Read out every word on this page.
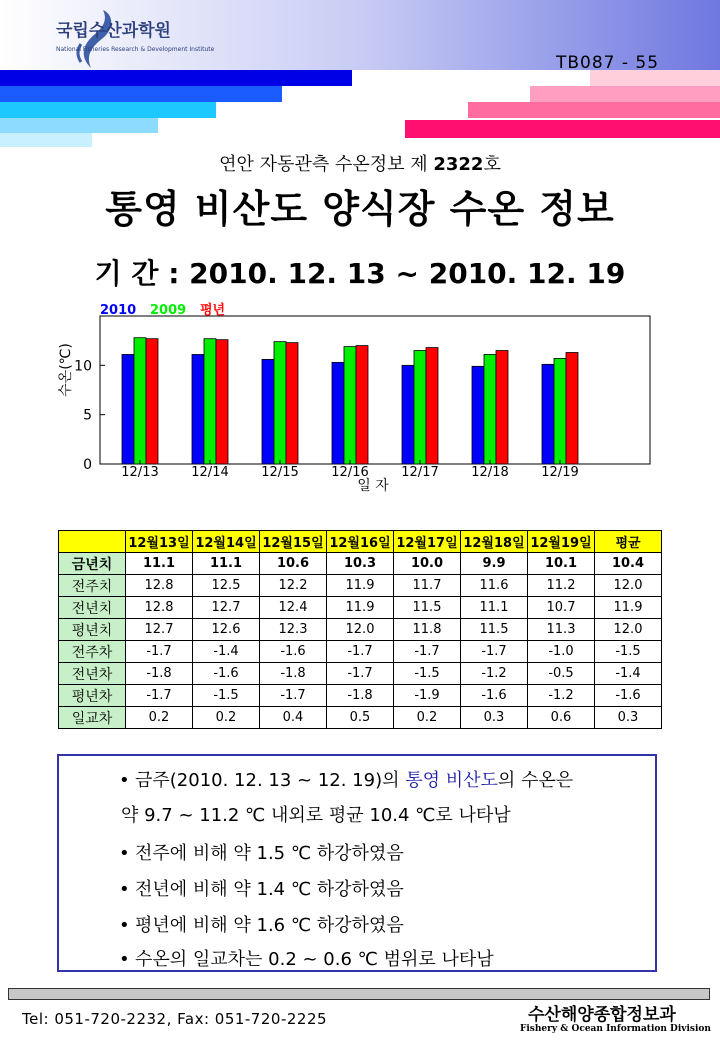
국립수산과학원
National Fisheries Research & Development Institute
TB087 - 55
연안 자동관측 수온정보 제 2322호
통영 비산도 양식장 수온 정보
기 간 : 2010. 12. 13 ~ 2010. 12. 19
12/13	12/14	12/15	12/16	12/17	12/18	12/19
0
5
10
일 자
수온(℃)
2010 2009 평년
	12월13일	12월14일	12월15일	12월16일	12월17일	12월18일	12월19일	평균
금년치	11.1	11.1	10.6	10.3	10.0	9.9	10.1	10.4
전주치	12.8	12.5	12.2	11.9	11.7	11.6	11.2	12.0
전년치	12.8	12.7	12.4	11.9	11.5	11.1	10.7	11.9
평년치	12.7	12.6	12.3	12.0	11.8	11.5	11.3	12.0
전주차	-1.7	-1.4	-1.6	-1.7	-1.7	-1.7	-1.0	-1.5
전년차	-1.8	-1.6	-1.8	-1.7	-1.5	-1.2	-0.5	-1.4
평년차	-1.7	-1.5	-1.7	-1.8	-1.9	-1.6	-1.2	-1.6
일교차	0.2	0.2	0.4	0.5	0.2	0.3	0.6	0.3
• 금주(2010. 12. 13 ~ 12. 19)의 통영 비산도의 수온은
약 9.7 ~ 11.2 ℃ 내외로 평균 10.4 ℃로 나타남
• 전주에 비해 약 1.5 ℃ 하강하였음
• 전년에 비해 약 1.4 ℃ 하강하였음
• 평년에 비해 약 1.6 ℃ 하강하였음
• 수온의 일교차는 0.2 ~ 0.6 ℃ 범위로 나타남
Tel: 051-720-2232, Fax: 051-720-2225	수산해양종합정보과
Fishery & Ocean Information Division
